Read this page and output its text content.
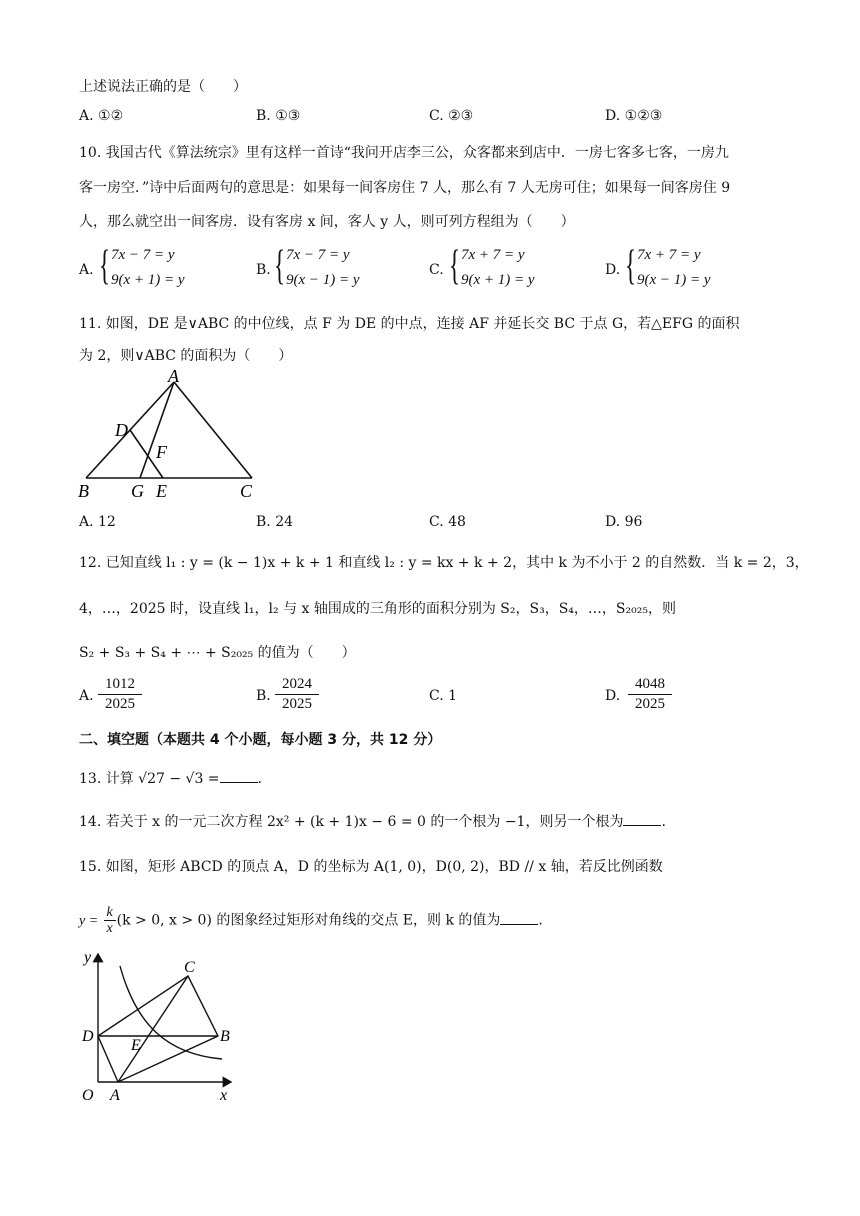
上述说法正确的是（　　）
A. ①②	B. ①③	C. ②③	D. ①②③
10. 我国古代《算法统宗》里有这样一首诗“我问开店李三公，众客都来到店中．一房七客多七客，一房九
客一房空．”诗中后面两句的意思是：如果每一间客房住 7 人，那么有 7 人无房可住；如果每一间客房住 9
人，那么就空出一间客房．设有客房 x 间，客人 y 人，则可列方程组为（　　）
A. { 7x − 7 = y
9(x + 1) = y
B. { 7x − 7 = y
9(x − 1) = y
C. { 7x + 7 = y
9(x + 1) = y
D. { 7x + 7 = y
9(x − 1) = y
11. 如图，DE 是∨ABC 的中位线，点 F 为 DE 的中点，连接 AF 并延长交 BC 于点 G，若△EFG 的面积
为 2，则∨ABC 的面积为（　　）
A
B	C
D
E
F
G
A. 12	B. 24	C. 48	D. 96
12. 已知直线 l₁ : y = (k − 1)x + k + 1 和直线 l₂ : y = kx + k + 2，其中 k 为不小于 2 的自然数．当 k = 2，3，
4，…，2025 时，设直线 l₁，l₂ 与 x 轴围成的三角形的面积分别为 S₂，S₃，S₄，…，S₂₀₂₅，则
S₂ + S₃ + S₄ + ⋯ + S₂₀₂₅ 的值为（　　）
A.
1012
2025	B.
2024
2025	C. 1	D.
4048
2025
二、填空题（本题共 4 个小题，每小题 3 分，共 12 分）
13. 计算 √27 − √3 =	.
14. 若关于 x 的一元二次方程 2x² + (k + 1)x − 6 = 0 的一个根为 −1，则另一个根为	.
15. 如图，矩形 ABCD 的顶点 A，D 的坐标为 A(1, 0)，D(0, 2)，BD // x 轴，若反比例函数
$y = \frac{k}{x} (k > 0$, x > 0) 的图象经过矩形对角线的交点 E，则 k 的值为	.
y
x
O A
B
C
D
E
